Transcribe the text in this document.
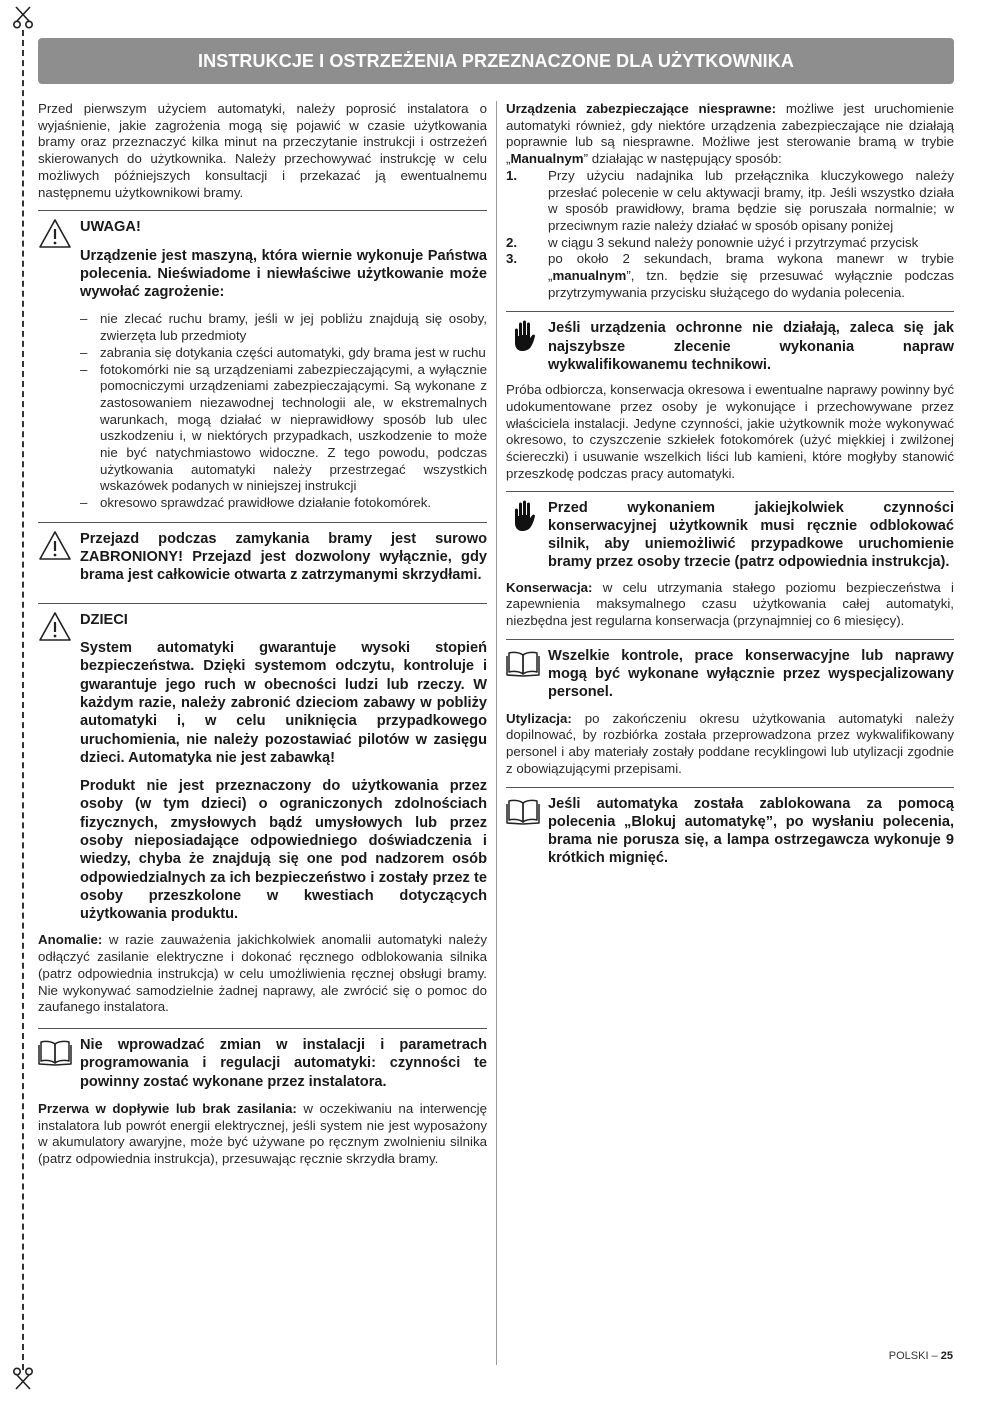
INSTRUKCJE I OSTRZEŻENIA PRZEZNACZONE DLA UŻYTKOWNIKA

Przed pierwszym użyciem automatyki, należy poprosić instalatora o wyjaśnienie, jakie zagrożenia mogą się pojawić w czasie użytkowania bramy oraz przeznaczyć kilka minut na przeczytanie instrukcji i ostrzeżeń skierowanych do użytkownika. Należy przechowywać instrukcję w celu możliwych późniejszych konsultacji i przekazać ją ewentualnemu następnemu użytkownikowi bramy.

UWAGA!
Urządzenie jest maszyną, która wiernie wykonuje Państwa polecenia. Nieświadome i niewłaściwe użytkowanie może wywołać zagrożenie:
– nie zlecać ruchu bramy, jeśli w jej pobliżu znajdują się osoby, zwierzęta lub przedmioty
– zabrania się dotykania części automatyki, gdy brama jest w ruchu
– fotokomórki nie są urządzeniami zabezpieczającymi, a wyłącznie pomocniczymi urządzeniami zabezpieczającymi. Są wykonane z zastosowaniem niezawodnej technologii ale, w ekstremalnych warunkach, mogą działać w nieprawidłowy sposób lub ulec uszkodzeniu i, w niektórych przypadkach, uszkodzenie to może nie być natychmiastowo widoczne. Z tego powodu, podczas użytkowania automatyki należy przestrzegać wszystkich wskazówek podanych w niniejszej instrukcji
– okresowo sprawdzać prawidłowe działanie fotokomórek.
Przejazd podczas zamykania bramy jest surowo ZABRONIONY! Przejazd jest dozwolony wyłącznie, gdy brama jest całkowicie otwarta z zatrzymanymi skrzydłami.
DZIECI
System automatyki gwarantuje wysoki stopień bezpieczeństwa. Dzięki systemom odczytu, kontroluje i gwarantuje jego ruch w obecności ludzi lub rzeczy. W każdym razie, należy zabronić dzieciom zabawy w pobliży automatyki i, w celu uniknięcia przypadkowego uruchomienia, nie należy pozostawiać pilotów w zasięgu dzieci. Automatyka nie jest zabawką!
Produkt nie jest przeznaczony do użytkowania przez osoby (w tym dzieci) o ograniczonych zdolnościach fizycznych, zmysłowych bądź umysłowych lub przez osoby nieposiadające odpowiedniego doświadczenia i wiedzy, chyba że znajdują się one pod nadzorem osób odpowiedzialnych za ich bezpieczeństwo i zostały przez te osoby przeszkolone w kwestiach dotyczących użytkowania produktu.

Anomalie: w razie zauważenia jakichkolwiek anomalii automatyki należy odłączyć zasilanie elektryczne i dokonać ręcznego odblokowania silnika (patrz odpowiednia instrukcja) w celu umożliwienia ręcznej obsługi bramy. Nie wykonywać samodzielnie żadnej naprawy, ale zwrócić się o pomoc do zaufanego instalatora.

Nie wprowadzać zmian w instalacji i parametrach programowania i regulacji automatyki: czynności te powinny zostać wykonane przez instalatora.

Przerwa w dopływie lub brak zasilania: w oczekiwaniu na interwencję instalatora lub powrót energii elektrycznej, jeśli system nie jest wyposażony w akumulatory awaryjne, może być używane po ręcznym zwolnieniu silnika (patrz odpowiednia instrukcja), przesuwając ręcznie skrzydła bramy.

Urządzenia zabezpieczające niesprawne: możliwe jest uruchomienie automatyki również, gdy niektóre urządzenia zabezpieczające nie działają poprawnie lub są niesprawne. Możliwe jest sterowanie bramą w trybie „Manualnym” działając w następujący sposób:

1. Przy użyciu nadajnika lub przełącznika kluczykowego należy przesłać polecenie w celu aktywacji bramy, itp. Jeśli wszystko działa w sposób prawidłowy, brama będzie się poruszała normalnie; w przeciwnym razie należy działać w sposób opisany poniżej
2. w ciągu 3 sekund należy ponownie użyć i przytrzymać przycisk
3. po około 2 sekundach, brama wykona manewr w trybie „manualnym”, tzn. będzie się przesuwać wyłącznie podczas przytrzymywania przycisku służącego do wydania polecenia.
Jeśli urządzenia ochronne nie działają, zaleca się jak najszybsze zlecenie wykonania napraw wykwalifikowanemu technikowi.

Próba odbiorcza, konserwacja okresowa i ewentualne naprawy powinny być udokumentowane przez osoby je wykonujące i przechowywane przez właściciela instalacji. Jedyne czynności, jakie użytkownik może wykonywać okresowo, to czyszczenie szkiełek fotokomórek (użyć miękkiej i zwilżonej ściereczki) i usuwanie wszelkich liści lub kamieni, które mogłyby stanowić przeszkodę podczas pracy automatyki.

Przed wykonaniem jakiejkolwiek czynności konserwacyjnej użytkownik musi ręcznie odblokować silnik, aby uniemożliwić przypadkowe uruchomienie bramy przez osoby trzecie (patrz odpowiednia instrukcja).

Konserwacja: w celu utrzymania stałego poziomu bezpieczeństwa i zapewnienia maksymalnego czasu użytkowania całej automatyki, niezbędna jest regularna konserwacja (przynajmniej co 6 miesięcy).

Wszelkie kontrole, prace konserwacyjne lub naprawy mogą być wykonane wyłącznie przez wyspecjalizowany personel.

Utylizacja: po zakończeniu okresu użytkowania automatyki należy dopilnować, by rozbiórka została przeprowadzona przez wykwalifikowany personel i aby materiały zostały poddane recyklingowi lub utylizacji zgodnie z obowiązującymi przepisami.

Jeśli automatyka została zablokowana za pomocą polecenia „Blokuj automatykę”, po wysłaniu polecenia, brama nie porusza się, a lampa ostrzegawcza wykonuje 9 krótkich mignięć.
POLSKI – 25
